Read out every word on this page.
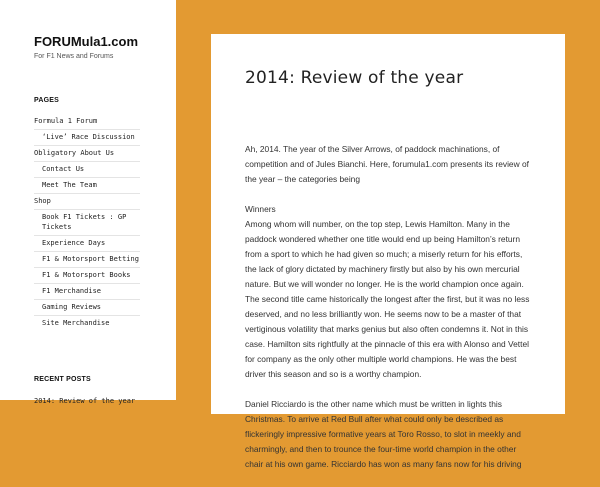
FORUMula1.com
For F1 News and Forums
PAGES
Formula 1 Forum
‘Live’ Race Discussion
Obligatory About Us
Contact Us
Meet The Team
Shop
Book F1 Tickets : GP Tickets
Experience Days
F1 & Motorsport Betting
F1 & Motorsport Books
F1 Merchandise
Gaming Reviews
Site Merchandise
RECENT POSTS
2014: Review of the year
2014: Review of the year

Ah, 2014. The year of the Silver Arrows, of paddock machinations, of competition and of Jules Bianchi. Here, forumula1.com presents its review of the year – the categories being

Winners

Among whom will number, on the top step, Lewis Hamilton. Many in the paddock wondered whether one title would end up being Hamilton’s return from a sport to which he had given so much; a miserly return for his efforts, the lack of glory dictated by machinery firstly but also by his own mercurial nature. But we will wonder no longer. He is the world champion once again. The second title came historically the longest after the first, but it was no less deserved, and no less brilliantly won. He seems now to be a master of that vertiginous volatility that marks genius but also often condemns it. Not in this case. Hamilton sits rightfully at the pinnacle of this era with Alonso and Vettel for company as the only other multiple world champions. He was the best driver this season and so is a worthy champion.

Daniel Ricciardo is the other name which must be written in lights this Christmas. To arrive at Red Bull after what could only be described as flickeringly impressive formative years at Toro Rosso, to slot in meekly and charmingly, and then to trounce the four-time world champion in the other chair at his own game. Ricciardo has won as many fans now for his driving
